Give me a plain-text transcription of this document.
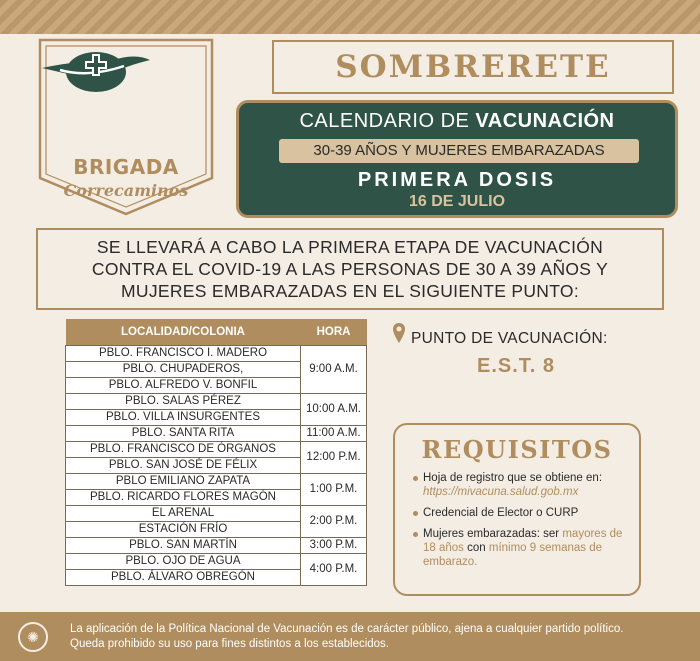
BRIGADA
Correcaminos
SOMBRERETE
CALENDARIO DE VACUNACIÓN
30-39 AÑOS Y MUJERES EMBARAZADAS
PRIMERA DOSIS
16 DE JULIO
SE LLEVARÁ A CABO LA PRIMERA ETAPA DE VACUNACIÓN
CONTRA EL COVID-19 A LAS PERSONAS DE 30 A 39 AÑOS Y
MUJERES EMBARAZADAS EN EL SIGUIENTE PUNTO:
LOCALIDAD/COLONIA	HORA
PBLO. FRANCISCO I. MADERO	9:00 A.M.
PBLO. CHUPADEROS,	
PBLO. ALFREDO V. BONFIL	
PBLO. SALAS PÉREZ	10:00 A.M.
PBLO. VILLA INSURGENTES	
PBLO. SANTA RITA	11:00 A.M.
PBLO. FRANCISCO DE ÓRGANOS	12:00 P.M.
PBLO. SAN JOSÉ DE FÉLIX	
PBLO EMILIANO ZAPATA	1:00 P.M.
PBLO. RICARDO FLORES MAGÓN	
EL ARENAL	2:00 P.M.
ESTACIÓN FRÍO	
PBLO. SAN MARTÍN	3:00 P.M.
PBLO. OJO DE AGUA	4:00 P.M.
PBLO. ÁLVARO OBREGÓN	
PUNTO DE VACUNACIÓN:
E.S.T. 8
REQUISITOS
Hoja de registro que se obtiene en: https://mivacuna.salud.gob.mx
Credencial de Elector o CURP
Mujeres embarazadas: ser mayores de 18 años con mínimo 9 semanas de embarazo.
✺	La aplicación de la Política Nacional de Vacunación es de carácter público, ajena a cualquier partido político. Queda prohibido su uso para fines distintos a los establecidos.
